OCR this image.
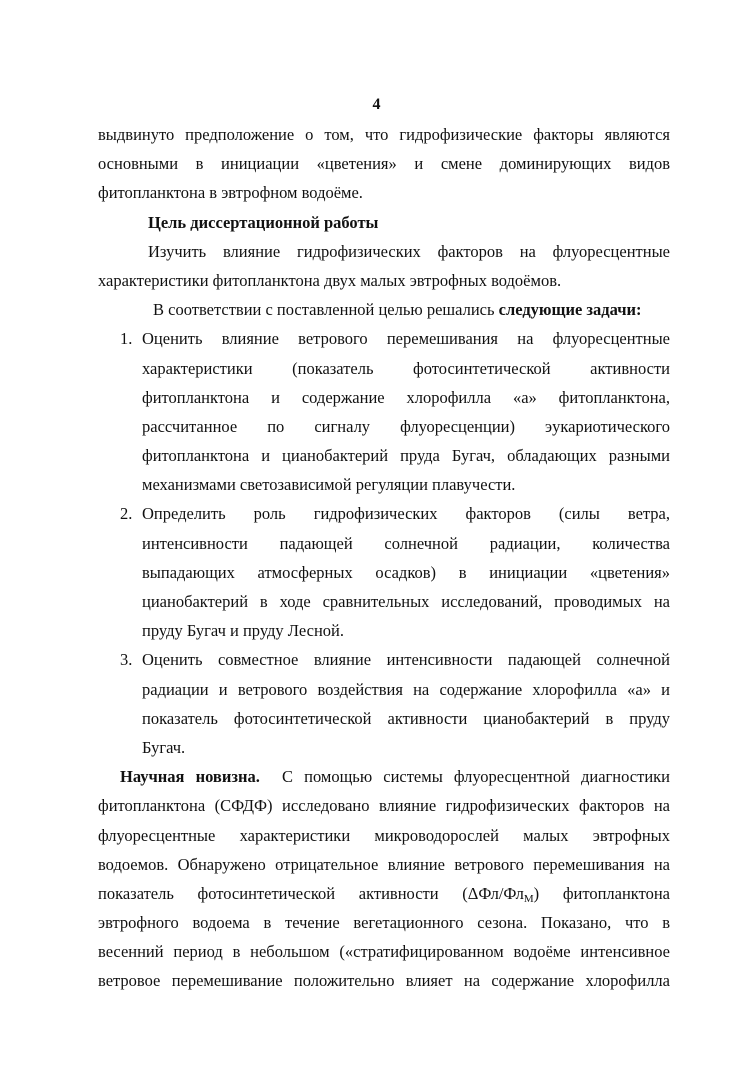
4
выдвинуто предположение о том, что гидрофизические факторы являются
основными в инициации «цветения» и смене доминирующих видов
фитопланктона в эвтрофном водоёме.
Цель диссертационной работы
Изучить влияние гидрофизических факторов на флуоресцентные
характеристики фитопланктона двух малых эвтрофных водоёмов.
В соответствии с поставленной целью решались следующие задачи:
1. Оценить влияние ветрового перемешивания на флуоресцентные
характеристики (показатель фотосинтетической активности
фитопланктона и содержание хлорофилла «а» фитопланктона,
рассчитанное по сигналу флуоресценции) эукариотического
фитопланктона и цианобактерий пруда Бугач, обладающих разными
механизмами светозависимой регуляции плавучести.
2. Определить роль гидрофизических факторов (силы ветра,
интенсивности падающей солнечной радиации, количества
выпадающих атмосферных осадков) в инициации «цветения»
цианобактерий в ходе сравнительных исследований, проводимых на
пруду Бугач и пруду Лесной.
3. Оценить совместное влияние интенсивности падающей солнечной
радиации и ветрового воздействия на содержание хлорофилла «а» и
показатель фотосинтетической активности цианобактерий в пруду
Бугач.
Научная новизна. С помощью системы флуоресцентной диагностики
фитопланктона (СФДФ) исследовано влияние гидрофизических факторов на
флуоресцентные характеристики микроводорослей малых эвтрофных
водоемов. Обнаружено отрицательное влияние ветрового перемешивания на
показатель фотосинтетической активности $(\Delta Фл/Фл_M)$ фитопланктона
эвтрофного водоема в течение вегетационного сезона. Показано, что в
весенний период в небольшом («стратифицированном водоёме интенсивное
ветровое перемешивание положительно влияет на содержание хлорофилла
